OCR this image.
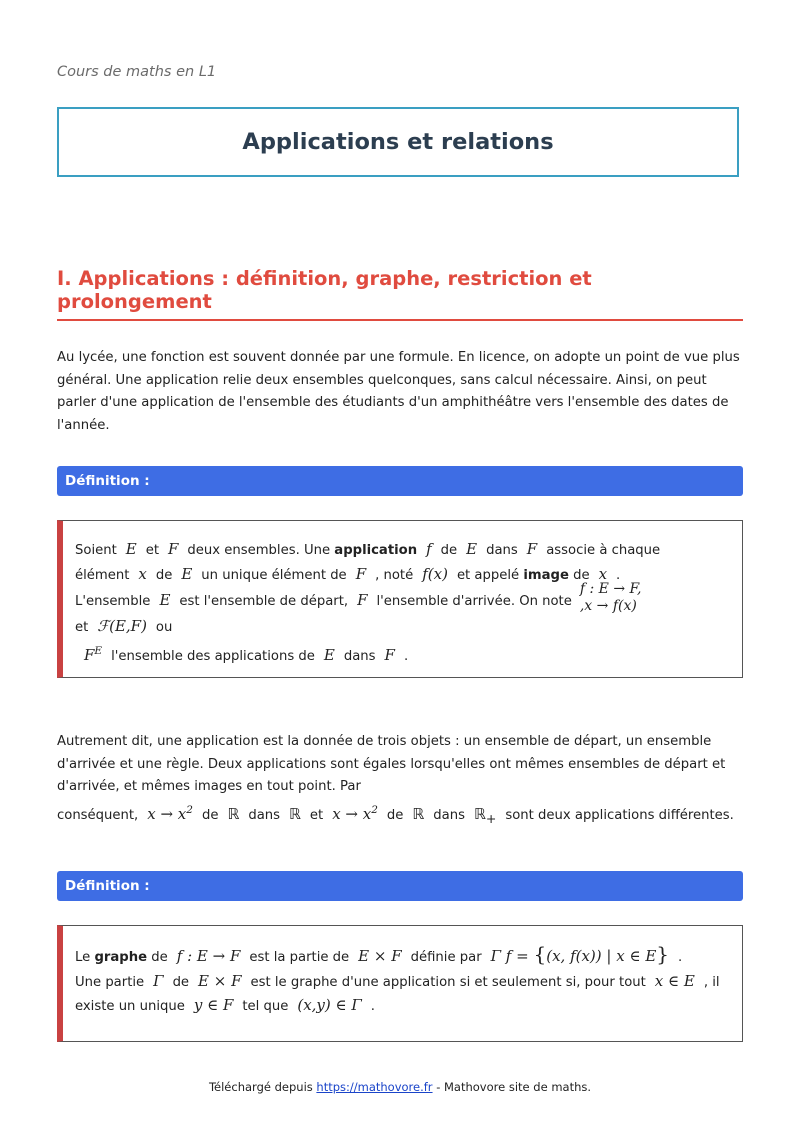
Cours de maths en L1
Applications et relations
I. Applications : définition, graphe, restriction et prolongement

Au lycée, une fonction est souvent donnée par une formule. En licence, on adopte un point de vue plus général. Une application relie deux ensembles quelconques, sans calcul nécessaire. Ainsi, on peut parler d'une application de l'ensemble des étudiants d'un amphithéâtre vers l'ensemble des dates de l'année.

Définition :
Soient E et F deux ensembles. Une application f de E dans F associe à chaque élément x de E un unique élément de F , noté f(x) et appelé image de x . L'ensemble E est l'ensemble de départ, F l'ensemble d'arrivée. On note
f : E → F,
,x → f(x)
et ℱ(E,F) ou
$F^E$ l'ensemble des applications de E dans F .

Autrement dit, une application est la donnée de trois objets : un ensemble de départ, un ensemble d'arrivée et une règle. Deux applications sont égales lorsqu'elles ont mêmes ensembles de départ et d'arrivée, et mêmes images en tout point. Par conséquent, $x \to x^2$ de ℝ dans ℝ et $x \to x^2$ de ℝ dans ℝ$_+$ sont deux applications différentes.

Définition :
Le graphe de f : E → F est la partie de E × F définie par Γ f = {(x, f(x)) | x ∈ E} .
Une partie Γ de E × F est le graphe d'une application si et seulement si, pour tout x ∈ E , il existe un unique y ∈ F tel que (x,y) ∈ Γ .
Téléchargé depuis https://mathovore.fr - Mathovore site de maths.
